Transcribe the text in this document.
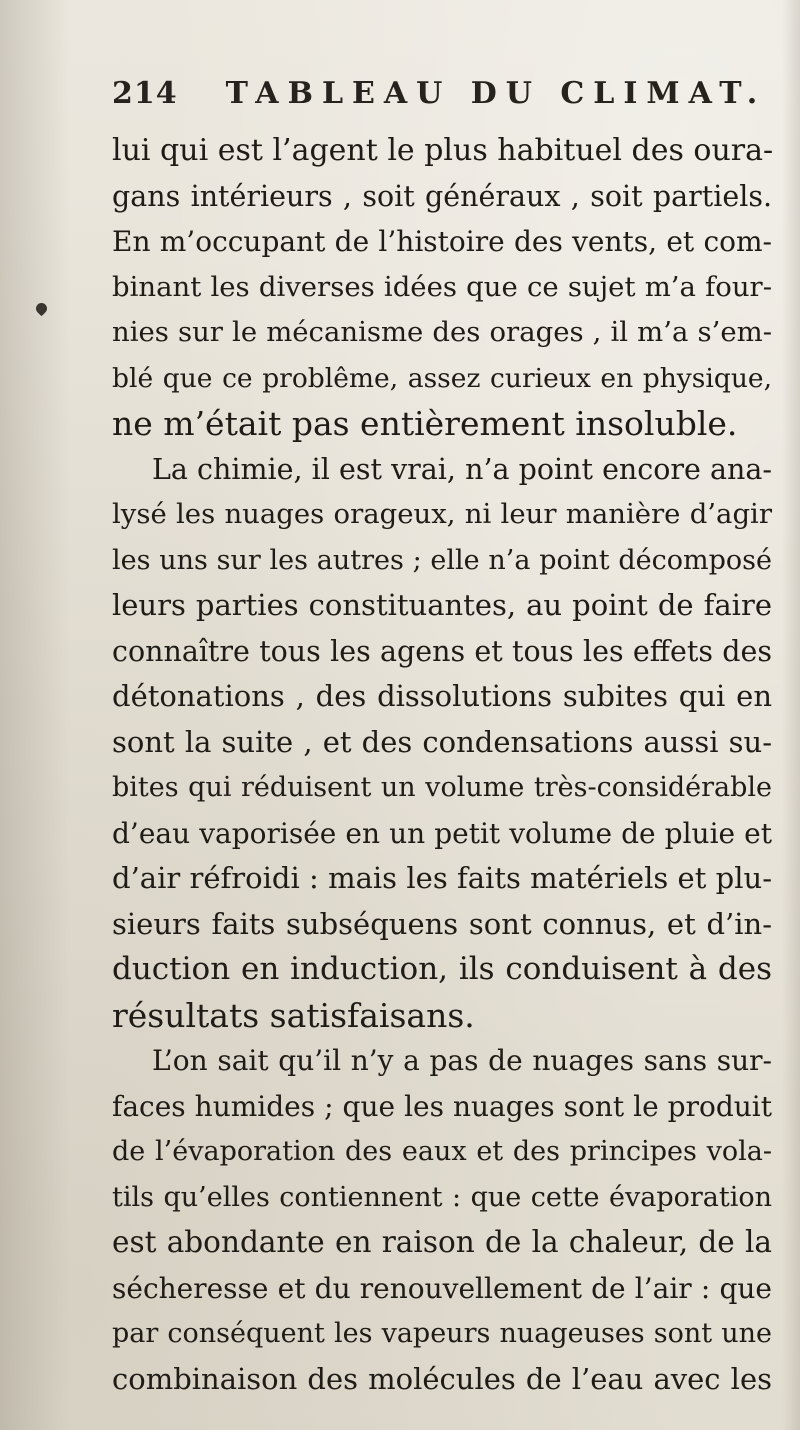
214 TABLEAU DU CLIMAT.
lui qui est l’agent le plus habituel des oura-
gans intérieurs , soit généraux , soit partiels.
En m’occupant de l’histoire des vents, et com-
binant les diverses idées que ce sujet m’a four-
nies sur le mécanisme des orages , il m’a s’em-
blé que ce problême, assez curieux en physique,
ne m’était pas entièrement insoluble.
La chimie, il est vrai, n’a point encore ana-
lysé les nuages orageux, ni leur manière d’agir
les uns sur les autres ; elle n’a point décomposé
leurs parties constituantes, au point de faire
connaître tous les agens et tous les effets des
détonations , des dissolutions subites qui en
sont la suite , et des condensations aussi su-
bites qui réduisent un volume très-considérable
d’eau vaporisée en un petit volume de pluie et
d’air réfroidi : mais les faits matériels et plu-
sieurs faits subséquens sont connus, et d’in-
duction en induction, ils conduisent à des
résultats satisfaisans.
L’on sait qu’il n’y a pas de nuages sans sur-
faces humides ; que les nuages sont le produit
de l’évaporation des eaux et des principes vola-
tils qu’elles contiennent : que cette évaporation
est abondante en raison de la chaleur, de la
sécheresse et du renouvellement de l’air : que
par conséquent les vapeurs nuageuses sont une
combinaison des molécules de l’eau avec les
